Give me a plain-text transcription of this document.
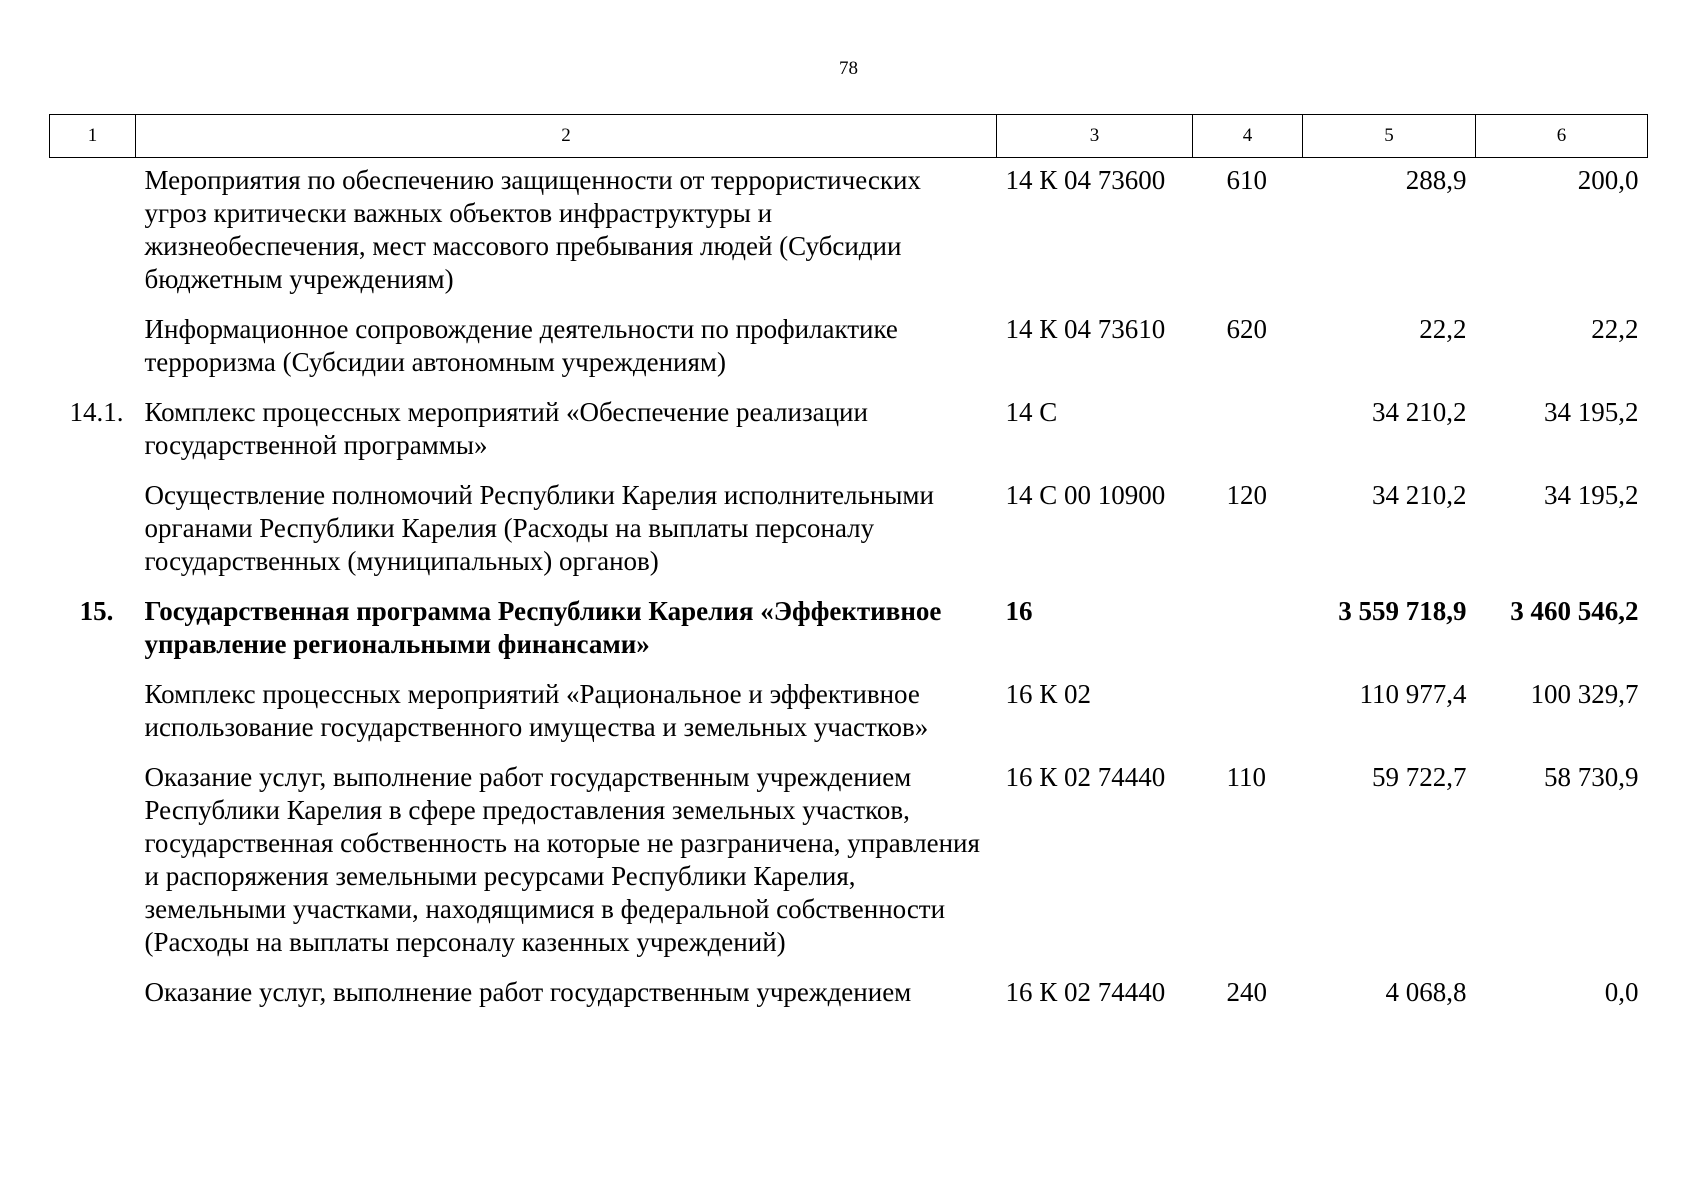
78
1	2	3	4	5	6
	Мероприятия по обеспечению защищенности от террористических угроз критически важных объектов инфраструктуры и жизнеобеспечения, мест массового пребывания людей (Субсидии бюджетным учреждениям)	14 К 04 73600	610	288,9	200,0
	Информационное сопровождение деятельности по профилактике терроризма (Субсидии автономным учреждениям)	14 К 04 73610	620	22,2	22,2
14.1.	Комплекс процессных мероприятий «Обеспечение реализации государственной программы»	14 С		34 210,2	34 195,2
	Осуществление полномочий Республики Карелия исполнительными органами Республики Карелия (Расходы на выплаты персоналу государственных (муниципальных) органов)	14 С 00 10900	120	34 210,2	34 195,2
15.	Государственная программа Республики Карелия «Эффективное управление региональными финансами»	16		3 559 718,9	3 460 546,2
	Комплекс процессных мероприятий «Рациональное и эффективное использование государственного имущества и земельных участков»	16 К 02		110 977,4	100 329,7
	Оказание услуг, выполнение работ государственным учреждением Республики Карелия в сфере предоставления земельных участков, государственная собственность на которые не разграничена, управления и распоряжения земельными ресурсами Республики Карелия, земельными участками, находящимися в федеральной собственности (Расходы на выплаты персоналу казенных учреждений)	16 К 02 74440	110	59 722,7	58 730,9
	Оказание услуг, выполнение работ государственным учреждением	16 К 02 74440	240	4 068,8	0,0
